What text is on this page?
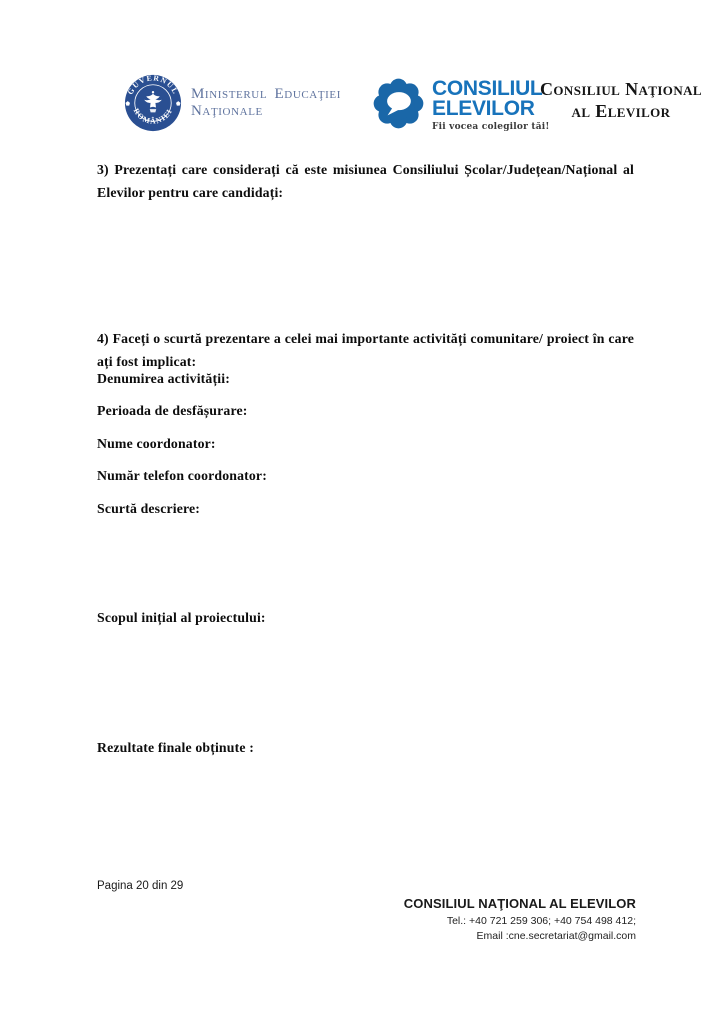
GUVERNUL
ROMÂNIEI
Ministerul Educaţiei
Naţionale
CONSILIUL
ELEVILOR
Fii vocea colegilor tăi!
Consiliul Naţional
al Elevilor

3) Prezentați care considerați că este misiunea Consiliului Școlar/Județean/Național al Elevilor pentru care candidați:

4) Faceți o scurtă prezentare a celei mai importante activități comunitare/ proiect în care ați fost implicat:

Denumirea activității:
Perioada de desfășurare:
Nume coordonator:
Număr telefon coordonator:
Scurtă descriere:
Scopul inițial al proiectului:
Rezultate finale obținute :
Pagina 20 din 29
CONSILIUL NAŢIONAL AL ELEVILOR
Tel.: +40 721 259 306; +40 754 498 412;
Email :cne.secretariat@gmail.com
